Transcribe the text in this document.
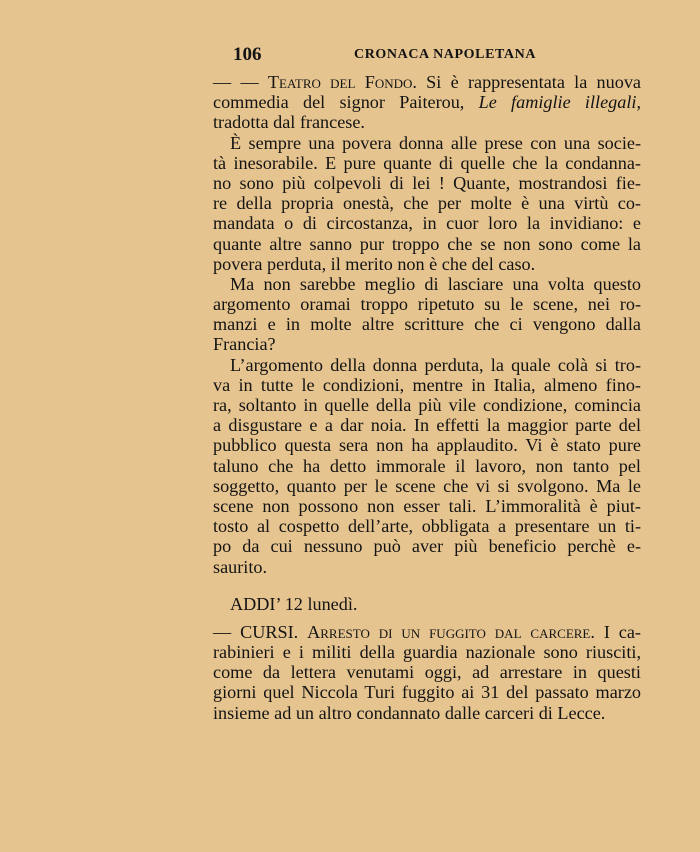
106	CRONACA NAPOLETANA
— — Teatro del Fondo. Si è rappresentata la nuova
commedia del signor Paiterou, Le famiglie illegali,
tradotta dal francese.
È sempre una povera donna alle prese con una socie-
tà inesorabile. E pure quante di quelle che la condanna-
no sono più colpevoli di lei ! Quante, mostrandosi fie-
re della propria onestà, che per molte è una virtù co-
mandata o di circostanza, in cuor loro la invidiano: e
quante altre sanno pur troppo che se non sono come la
povera perduta, il merito non è che del caso.
Ma non sarebbe meglio di lasciare una volta questo
argomento oramai troppo ripetuto su le scene, nei ro-
manzi e in molte altre scritture che ci vengono dalla
Francia?
L’argomento della donna perduta, la quale colà si tro-
va in tutte le condizioni, mentre in Italia, almeno fino-
ra, soltanto in quelle della più vile condizione, comincia
a disgustare e a dar noia. In effetti la maggior parte del
pubblico questa sera non ha applaudito. Vi è stato pure
taluno che ha detto immorale il lavoro, non tanto pel
soggetto, quanto per le scene che vi si svolgono. Ma le
scene non possono non esser tali. L’immoralità è piut-
tosto al cospetto dell’arte, obbligata a presentare un ti-
po da cui nessuno può aver più beneficio perchè e-
saurito.
ADDI’ 12 lunedì.
— CURSI. Arresto di un fuggito dal carcere. I ca-
rabinieri e i militi della guardia nazionale sono riusciti,
come da lettera venutami oggi, ad arrestare in questi
giorni quel Niccola Turi fuggito ai 31 del passato marzo
insieme ad un altro condannato dalle carceri di Lecce.
